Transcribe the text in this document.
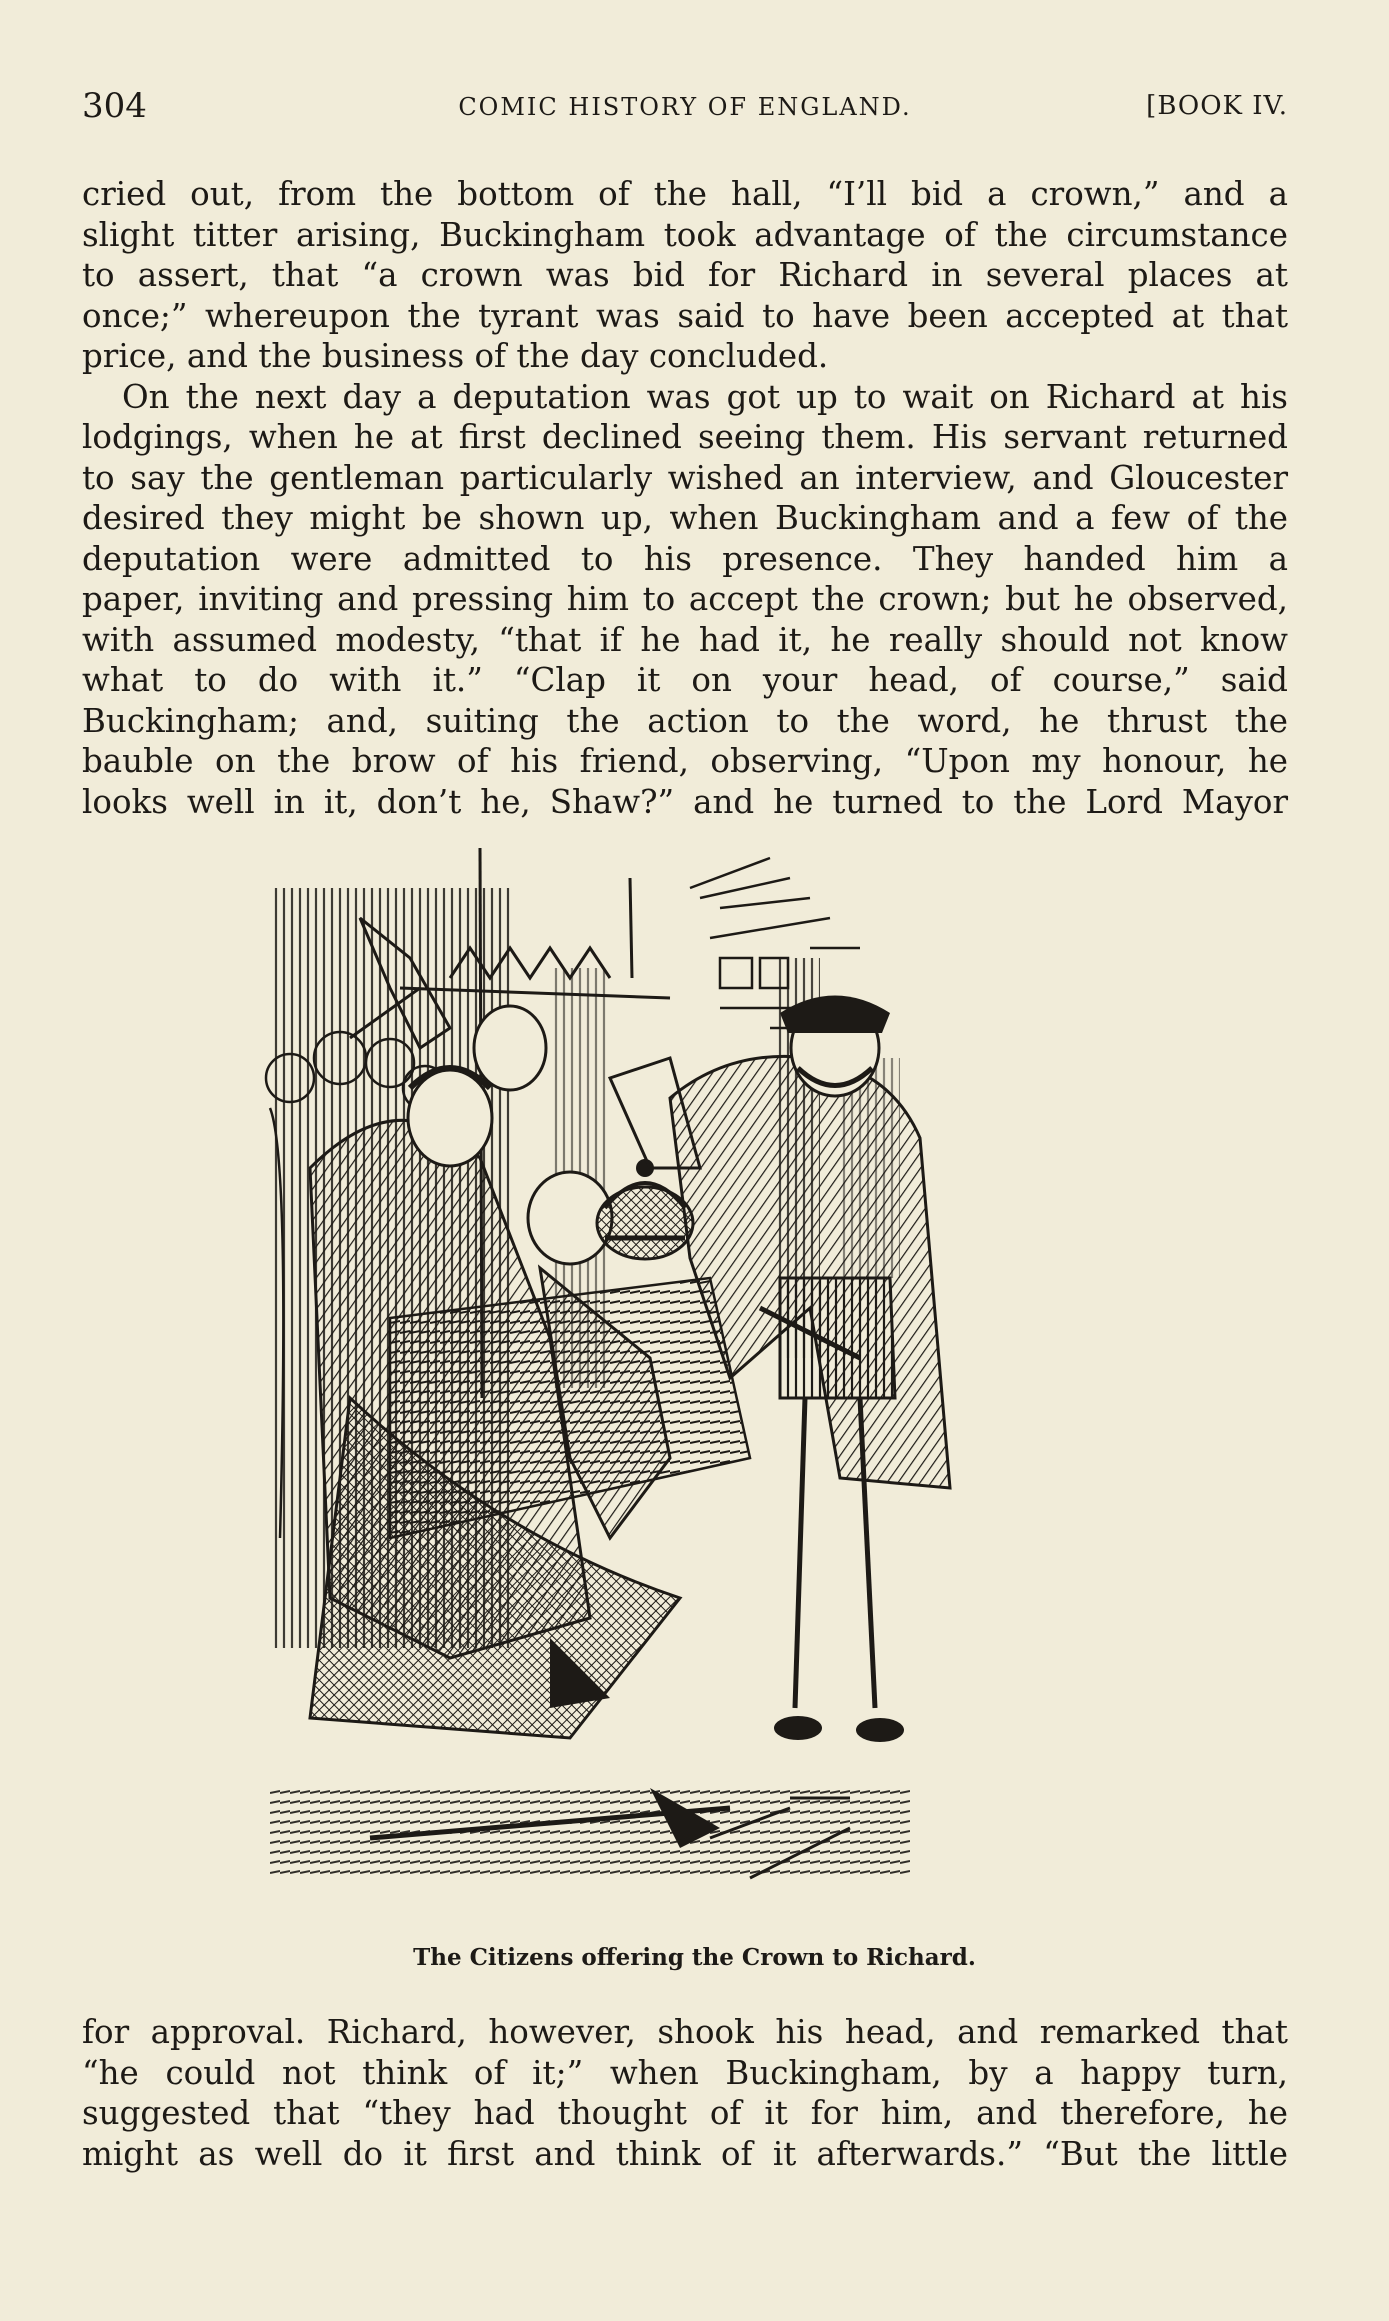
304	COMIC HISTORY OF ENGLAND.	[BOOK IV.
cried out, from the bottom of the hall, “I’ll bid a crown,” and a
slight titter arising, Buckingham took advantage of the circumstance
to assert, that “a crown was bid for Richard in several places at
once;” whereupon the tyrant was said to have been accepted at that
price, and the business of the day concluded.
On the next day a deputation was got up to wait on Richard at his
lodgings, when he at first declined seeing them. His servant returned
to say the gentleman particularly wished an interview, and Gloucester
desired they might be shown up, when Buckingham and a few of the
deputation were admitted to his presence. They handed him a
paper, inviting and pressing him to accept the crown; but he observed,
with assumed modesty, “that if he had it, he really should not know
what to do with it.” “Clap it on your head, of course,” said
Buckingham; and, suiting the action to the word, he thrust the
bauble on the brow of his friend, observing, “Upon my honour, he
looks well in it, don’t he, Shaw?” and he turned to the Lord Mayor
The Citizens offering the Crown to Richard.
for approval. Richard, however, shook his head, and remarked that
“he could not think of it;” when Buckingham, by a happy turn,
suggested that “they had thought of it for him, and therefore, he
might as well do it first and think of it afterwards.” “But the little
